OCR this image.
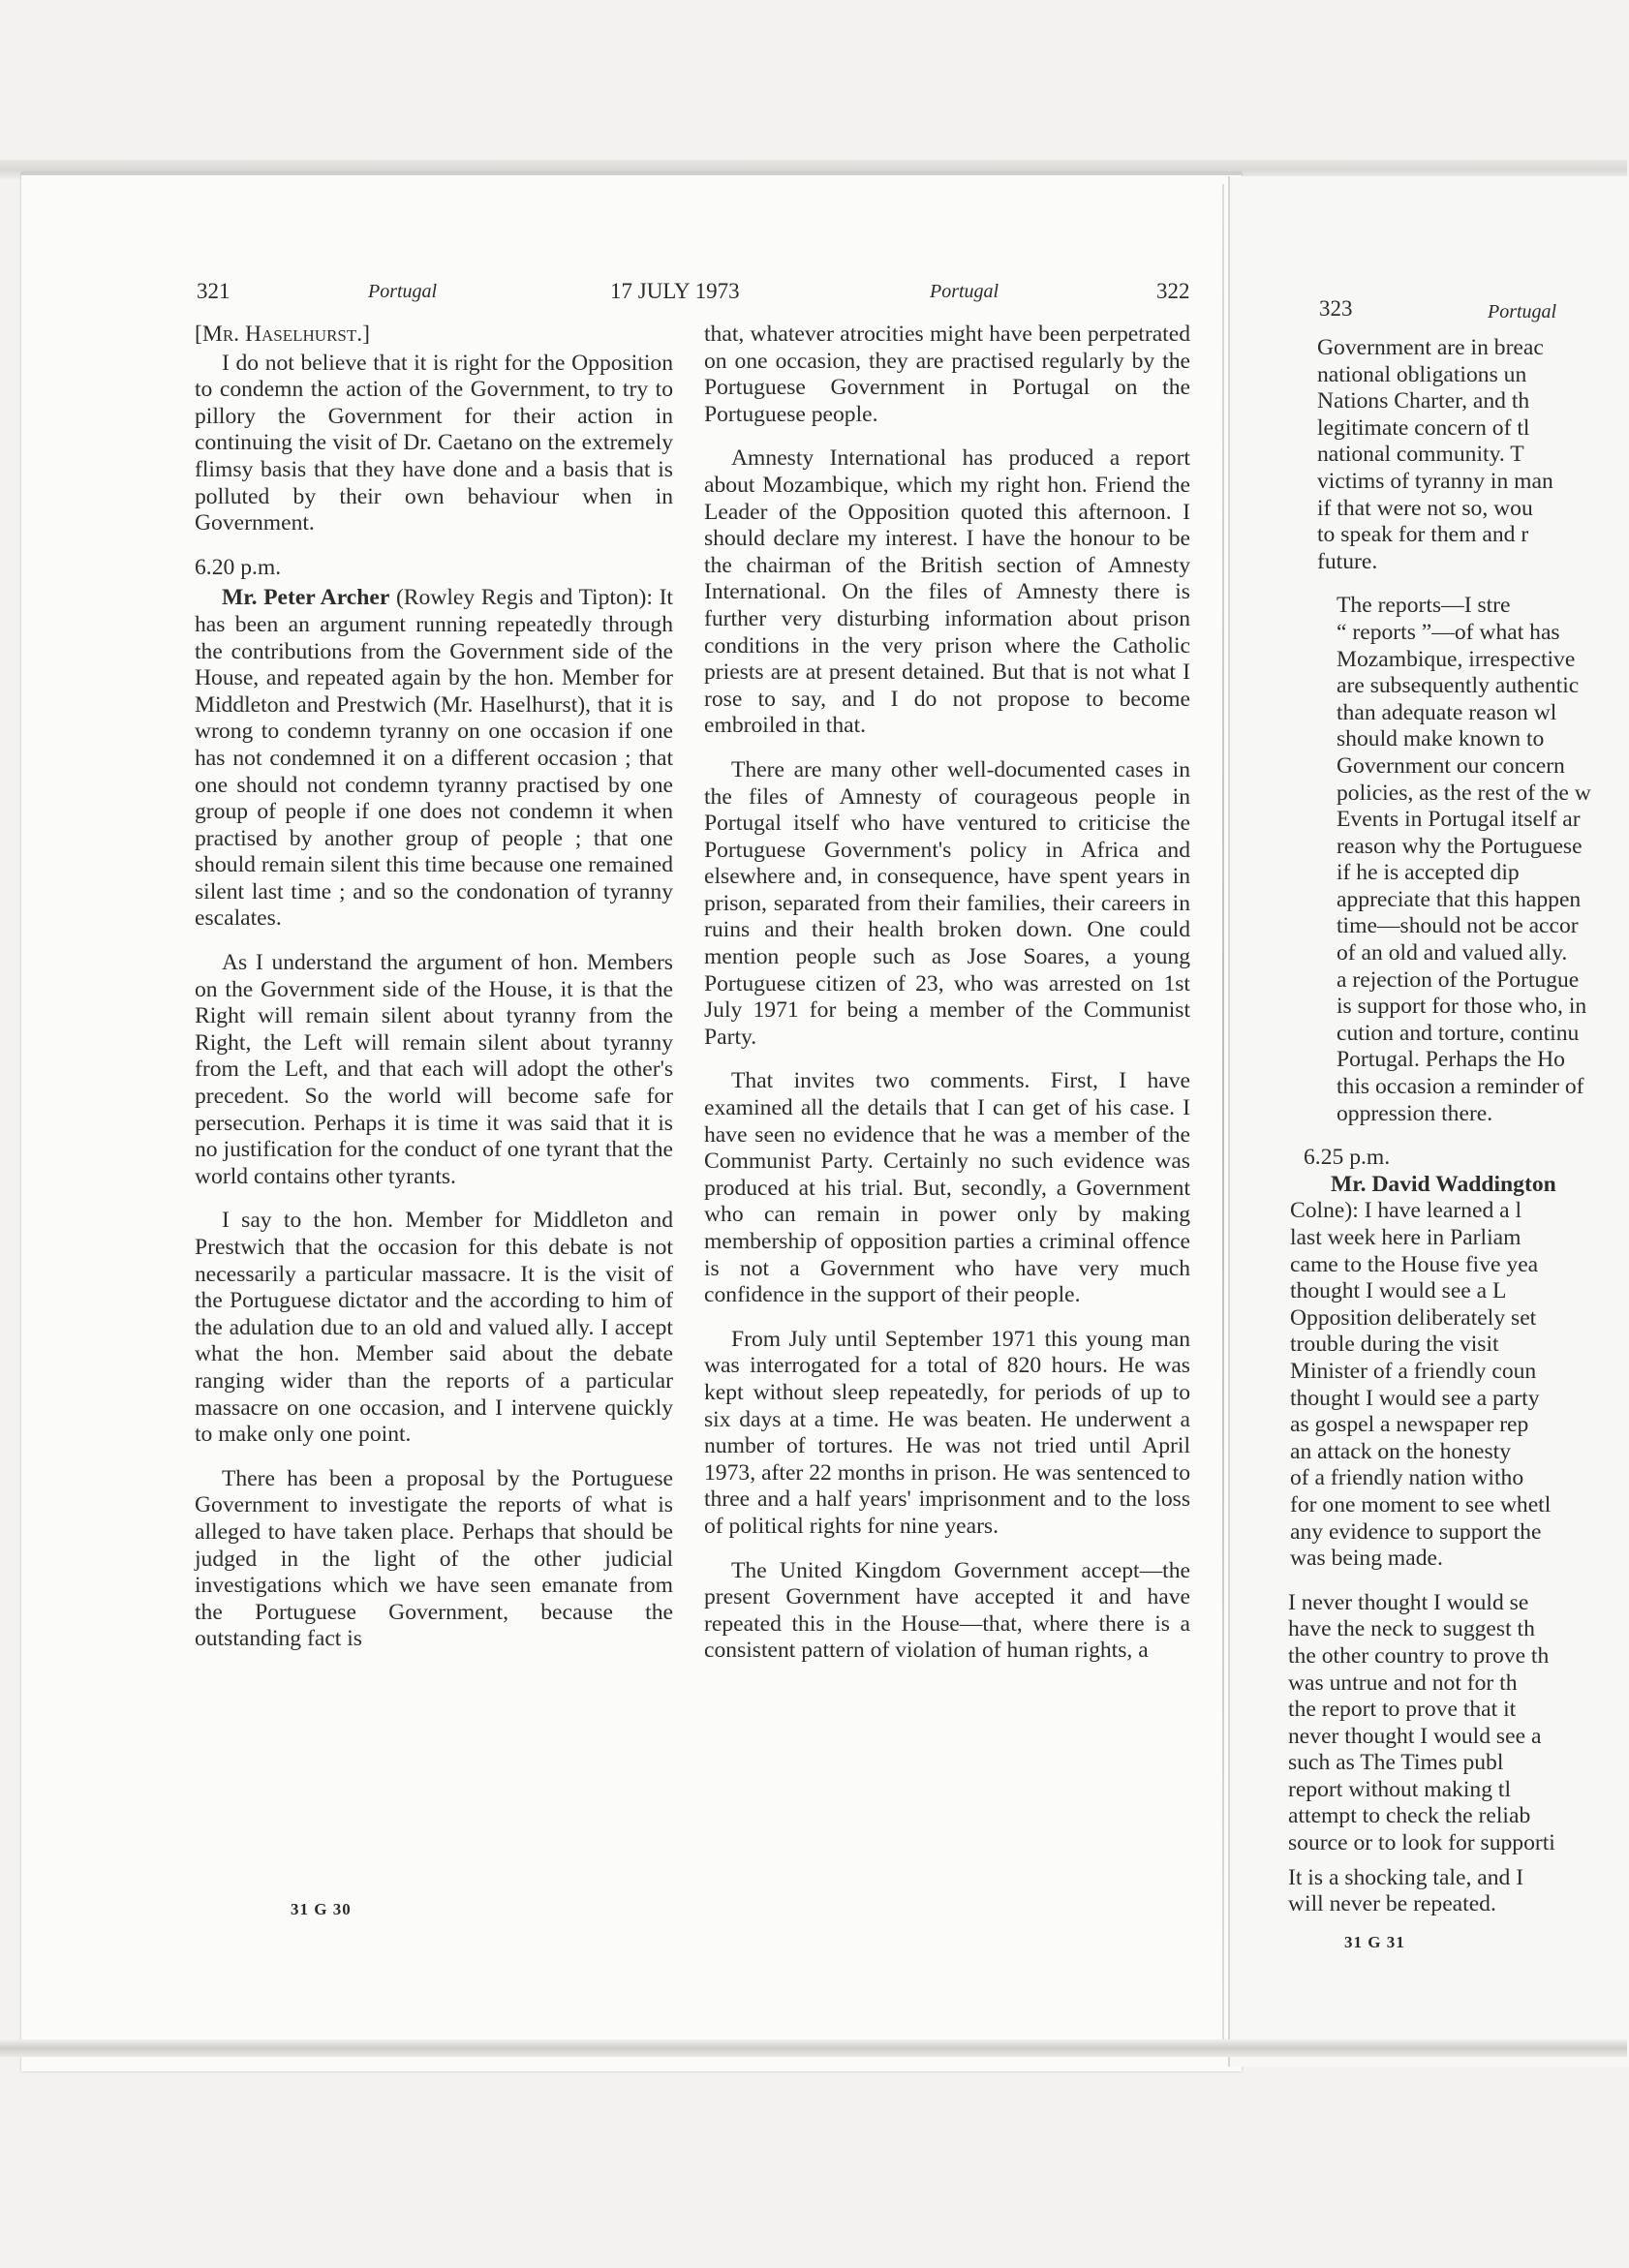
321	Portugal	17 JULY 1973	Portugal	322
323	Portugal

[Mr. Haselhurst.]

I do not believe that it is right for the Opposition to condemn the action of the Government, to try to pillory the Government for their action in continuing the visit of Dr. Caetano on the extremely flimsy basis that they have done and a basis that is polluted by their own behaviour when in Government.

6.20 p.m.

Mr. Peter Archer (Rowley Regis and Tipton): It has been an argument running repeatedly through the contributions from the Government side of the House, and repeated again by the hon. Member for Middleton and Prestwich (Mr. Haselhurst), that it is wrong to condemn tyranny on one occasion if one has not condemned it on a different occasion ; that one should not condemn tyranny practised by one group of people if one does not condemn it when practised by another group of people ; that one should remain silent this time because one remained silent last time ; and so the condonation of tyranny escalates.

As I understand the argument of hon. Members on the Government side of the House, it is that the Right will remain silent about tyranny from the Right, the Left will remain silent about tyranny from the Left, and that each will adopt the other's precedent. So the world will become safe for persecution. Perhaps it is time it was said that it is no justification for the conduct of one tyrant that the world contains other tyrants.

I say to the hon. Member for Middleton and Prestwich that the occasion for this debate is not necessarily a particular massacre. It is the visit of the Portuguese dictator and the according to him of the adulation due to an old and valued ally. I accept what the hon. Member said about the debate ranging wider than the reports of a particular massacre on one occasion, and I intervene quickly to make only one point.

There has been a proposal by the Portuguese Government to investigate the reports of what is alleged to have taken place. Perhaps that should be judged in the light of the other judicial investigations which we have seen emanate from the Portuguese Government, because the outstanding fact is

31 G 30

that, whatever atrocities might have been perpetrated on one occasion, they are practised regularly by the Portuguese Government in Portugal on the Portuguese people.

Amnesty International has produced a report about Mozambique, which my right hon. Friend the Leader of the Opposition quoted this afternoon. I should declare my interest. I have the honour to be the chairman of the British section of Amnesty International. On the files of Amnesty there is further very disturbing information about prison conditions in the very prison where the Catholic priests are at present detained. But that is not what I rose to say, and I do not propose to become embroiled in that.

There are many other well-documented cases in the files of Amnesty of courageous people in Portugal itself who have ventured to criticise the Portuguese Government's policy in Africa and elsewhere and, in consequence, have spent years in prison, separated from their families, their careers in ruins and their health broken down. One could mention people such as Jose Soares, a young Portuguese citizen of 23, who was arrested on 1st July 1971 for being a member of the Communist Party.

That invites two comments. First, I have examined all the details that I can get of his case. I have seen no evidence that he was a member of the Communist Party. Certainly no such evidence was produced at his trial. But, secondly, a Government who can remain in power only by making membership of opposition parties a criminal offence is not a Government who have very much confidence in the support of their people.

From July until September 1971 this young man was interrogated for a total of 820 hours. He was kept without sleep repeatedly, for periods of up to six days at a time. He was beaten. He underwent a number of tortures. He was not tried until April 1973, after 22 months in prison. He was sentenced to three and a half years' imprisonment and to the loss of political rights for nine years.

The United Kingdom Government accept—the present Government have accepted it and have repeated this in the House—that, where there is a consistent pattern of violation of human rights, a

Government are in breac

national obligations un

Nations Charter, and th

legitimate concern of tl

national community. T

victims of tyranny in man

if that were not so, wou

to speak for them and r

future.

The reports—I stre

“ reports ”—of what has

Mozambique, irrespective

are subsequently authentic

than adequate reason wl

should make known to

Government our concern

policies, as the rest of the w

Events in Portugal itself ar

reason why the Portuguese

if he is accepted dip

appreciate that this happen

time—should not be accor

of an old and valued ally.

a rejection of the Portugue

is support for those who, in

cution and torture, continu

Portugal. Perhaps the Ho

this occasion a reminder of

oppression there.

6.25 p.m.
Mr. David Waddington

Colne): I have learned a l

last week here in Parliam

came to the House five yea

thought I would see a L

Opposition deliberately set

trouble during the visit

Minister of a friendly coun

thought I would see a party

as gospel a newspaper rep

an attack on the honesty

of a friendly nation witho

for one moment to see whetl

any evidence to support the

was being made.

I never thought I would se

have the neck to suggest th

the other country to prove th

was untrue and not for th

the report to prove that it

never thought I would see a

such as The Times publ

report without making tl

attempt to check the reliab

source or to look for supporti

It is a shocking tale, and I

will never be repeated.

31 G 31
